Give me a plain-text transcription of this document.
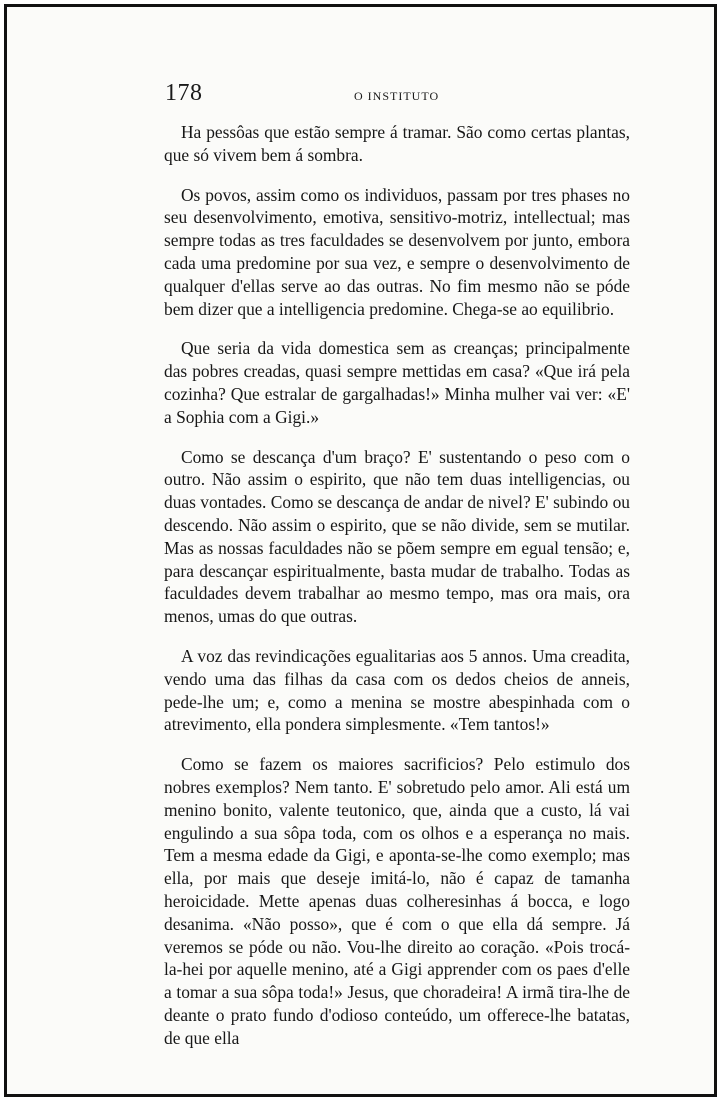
178	O INSTITUTO

Ha pessôas que estão sempre á tramar. São como certas plantas, que só vivem bem á sombra.

Os povos, assim como os individuos, passam por tres phases no seu desenvolvimento, emotiva, sensitivo-motriz, intellectual; mas sempre todas as tres faculdades se desenvolvem por junto, embora cada uma predomine por sua vez, e sempre o desenvolvimento de qualquer d'ellas serve ao das outras. No fim mesmo não se póde bem dizer que a intelligencia predomine. Chega-se ao equilibrio.

Que seria da vida domestica sem as creanças; principalmente das pobres creadas, quasi sempre mettidas em casa? «Que irá pela cozinha? Que estralar de gargalhadas!» Minha mulher vai ver: «E' a Sophia com a Gigi.»

Como se descança d'um braço? E' sustentando o peso com o outro. Não assim o espirito, que não tem duas intelligencias, ou duas vontades. Como se descança de andar de nivel? E' subindo ou descendo. Não assim o espirito, que se não divide, sem se mutilar. Mas as nossas faculdades não se põem sempre em egual tensão; e, para descançar espiritualmente, basta mudar de trabalho. Todas as faculdades devem trabalhar ao mesmo tempo, mas ora mais, ora menos, umas do que outras.

A voz das revindicações egualitarias aos 5 annos. Uma creadita, vendo uma das filhas da casa com os dedos cheios de anneis, pede-lhe um; e, como a menina se mostre abespinhada com o atrevimento, ella pondera simplesmente. «Tem tantos!»

Como se fazem os maiores sacrificios? Pelo estimulo dos nobres exemplos? Nem tanto. E' sobretudo pelo amor. Ali está um menino bonito, valente teutonico, que, ainda que a custo, lá vai engulindo a sua sôpa toda, com os olhos e a esperança no mais. Tem a mesma edade da Gigi, e aponta-se-lhe como exemplo; mas ella, por mais que deseje imitá-lo, não é capaz de tamanha heroicidade. Mette apenas duas colheresinhas á bocca, e logo desanima. «Não posso», que é com o que ella dá sempre. Já veremos se póde ou não. Vou-lhe direito ao coração. «Pois trocá-la-hei por aquelle menino, até a Gigi apprender com os paes d'elle a tomar a sua sôpa toda!» Jesus, que choradeira! A irmã tira-lhe de deante o prato fundo d'odioso conteúdo, um offerece-lhe batatas, de que ella
